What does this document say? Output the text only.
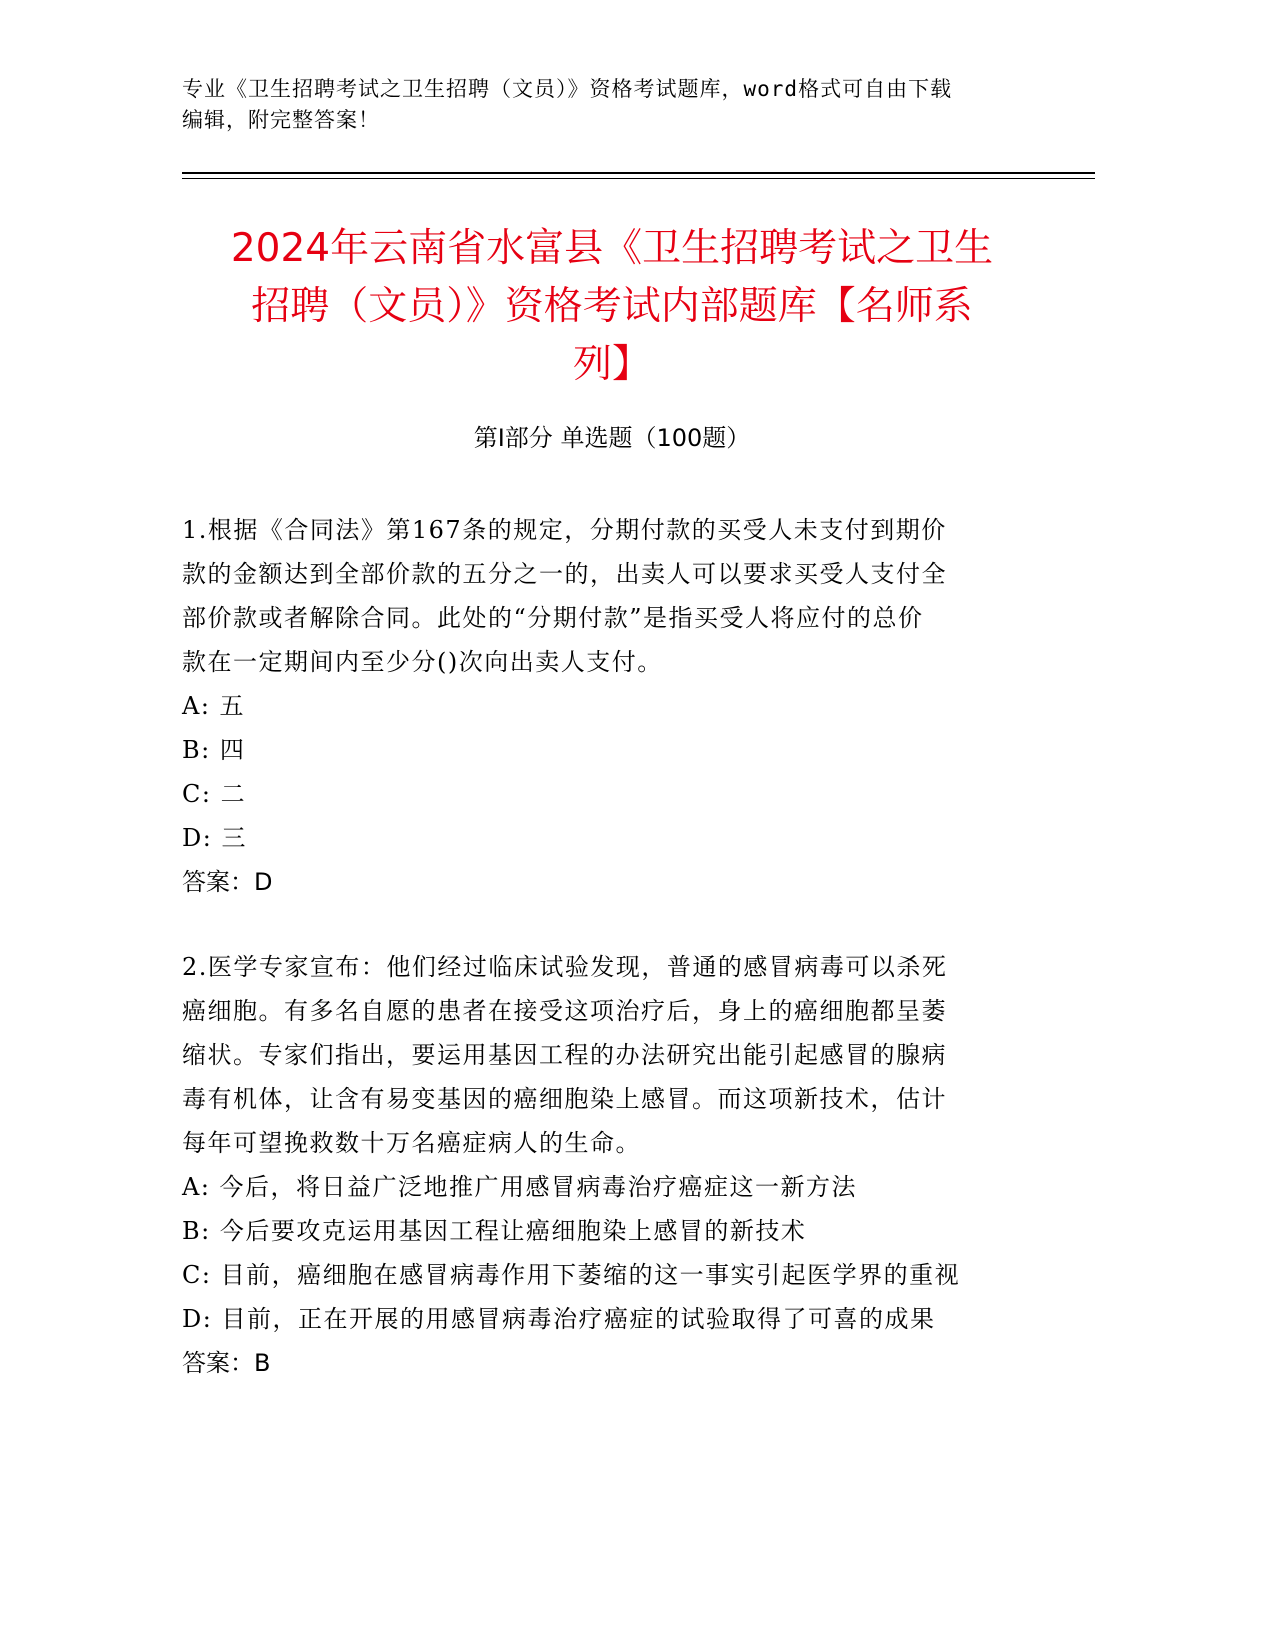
专业《卫生招聘考试之卫生招聘（文员）》资格考试题库，word格式可自由下载
编辑，附完整答案！
2024年云南省水富县《卫生招聘考试之卫生
招聘（文员）》资格考试内部题库【名师系
列】
第I部分 单选题（100题）

1.根据《合同法》第167条的规定，分期付款的买受人未支付到期价

款的金额达到全部价款的五分之一的，出卖人可以要求买受人支付全

部价款或者解除合同。此处的“分期付款”是指买受人将应付的总价

款在一定期间内至少分()次向出卖人支付。

A: 五

B: 四

C: 二

D: 三

答案：D

2.医学专家宣布：他们经过临床试验发现，普通的感冒病毒可以杀死

癌细胞。有多名自愿的患者在接受这项治疗后，身上的癌细胞都呈萎

缩状。专家们指出，要运用基因工程的办法研究出能引起感冒的腺病

毒有机体，让含有易变基因的癌细胞染上感冒。而这项新技术，估计

每年可望挽救数十万名癌症病人的生命。

A: 今后，将日益广泛地推广用感冒病毒治疗癌症这一新方法

B: 今后要攻克运用基因工程让癌细胞染上感冒的新技术

C: 目前，癌细胞在感冒病毒作用下萎缩的这一事实引起医学界的重视

D: 目前，正在开展的用感冒病毒治疗癌症的试验取得了可喜的成果

答案：B
